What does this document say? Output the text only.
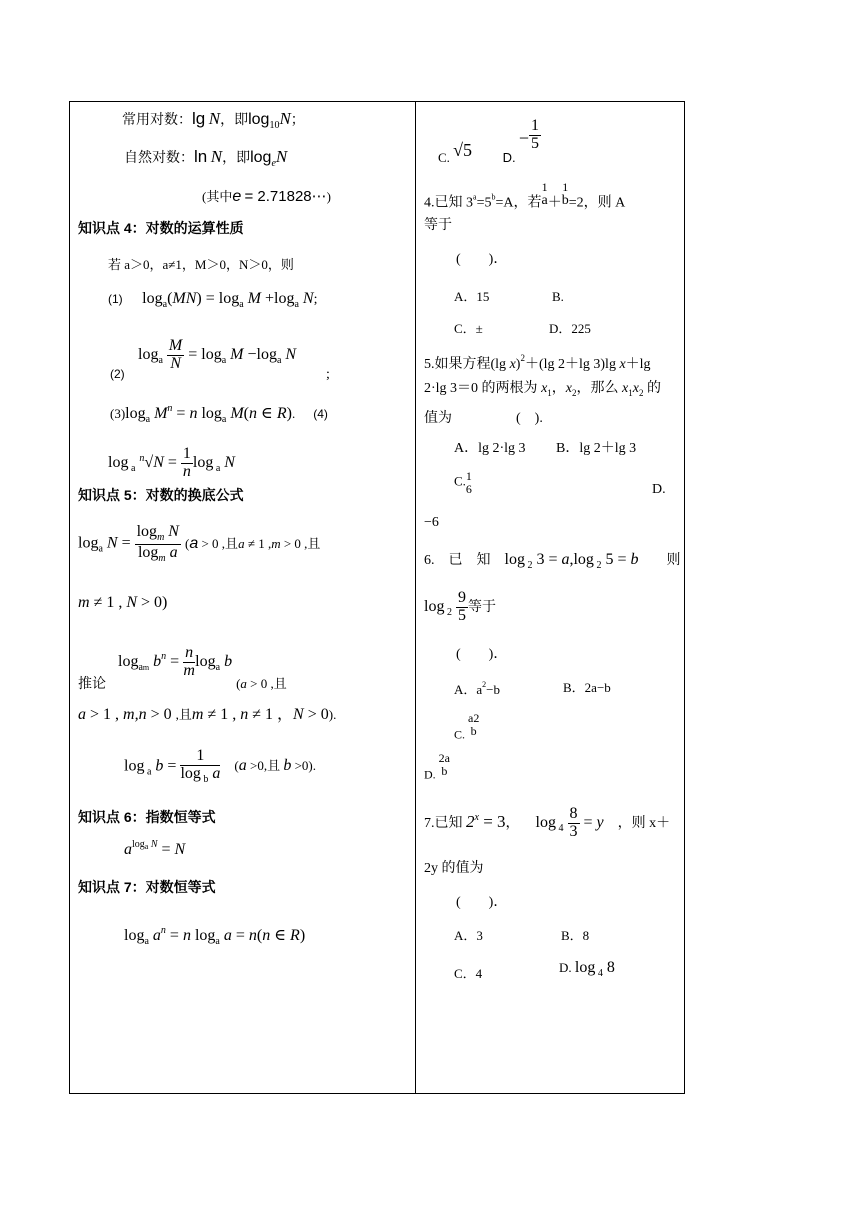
常用对数：lg N，即$\log_{10}N$；
自然对数：ln N，即$\log_eN$
(其中e = 2.71828⋯)
知识点 4：对数的运算性质
若 a＞0，a≠1，M＞0，N＞0，则
(1) $\log_a(MN) = \log_a M +\log_a$ N;
(2)
$\log_a \frac{M}{N} = \log_a M -\log_a$ N
;
$(3)\log_a$ $M^n = n$ $\log_a M(n$ ∈ R). (4)
log $_a$ $^n√N = \frac{1}{n}$ log $_a$ N
知识点 5：对数的换底公式
$\log_a N = \frac{\log_m N}{\log_m a} (a > 0$ ,且a ≠ 1 ,m > 0 ,且
m ≠ 1 , N > 0)
推论 $\log_{am} b^n = \frac{n}{m} \log_a b$ $_{(a > 0 ,且}$
a > 1 , m,n > 0 ,且m ≠ 1 , n ≠ 1 ，N > 0).
log $_a$ $b = \frac{1}{\log _b a} (a >0$,且 b >0).
知识点 6：指数恒等式
$a^{log_a N} = N$
知识点 7：对数恒等式
$\log_a a^n = n$ $\log_a a = n(n$ ∈ R)
C. √5 D. − $\frac{1}{5}$
4.已知 $3^a=5^b=A$，若
1
a ＋
1
b =2，则 A
等于
(　　)．
A．15	B.
C．±	D．225
5.如果方程(lg x)$^2$＋(lg 2＋lg 3)lg x＋lg
2·lg 3＝0 的两根为 $x_1$，$x_2$，那么 $x_1x_2$ 的
值为	(　).
A．lg 2·lg 3 B．lg 2＋lg 3
C. 1
6	D.
−6
6.　已　知　log $_2$ 3 = a,log $_2$ 5 = b　　则
$\log _2 \frac{9}{5}$ 等于
(　　)．
A．$a^2-b$	B．2a−b
C.
a2
b
D.
2a
b
7.已知 $2^x = 3$， $\log _4 \frac{8}{3} = y$　，则 x＋
2y 的值为
(　　)．
A．3	B．8
C．4	D. log $_4$ 8
